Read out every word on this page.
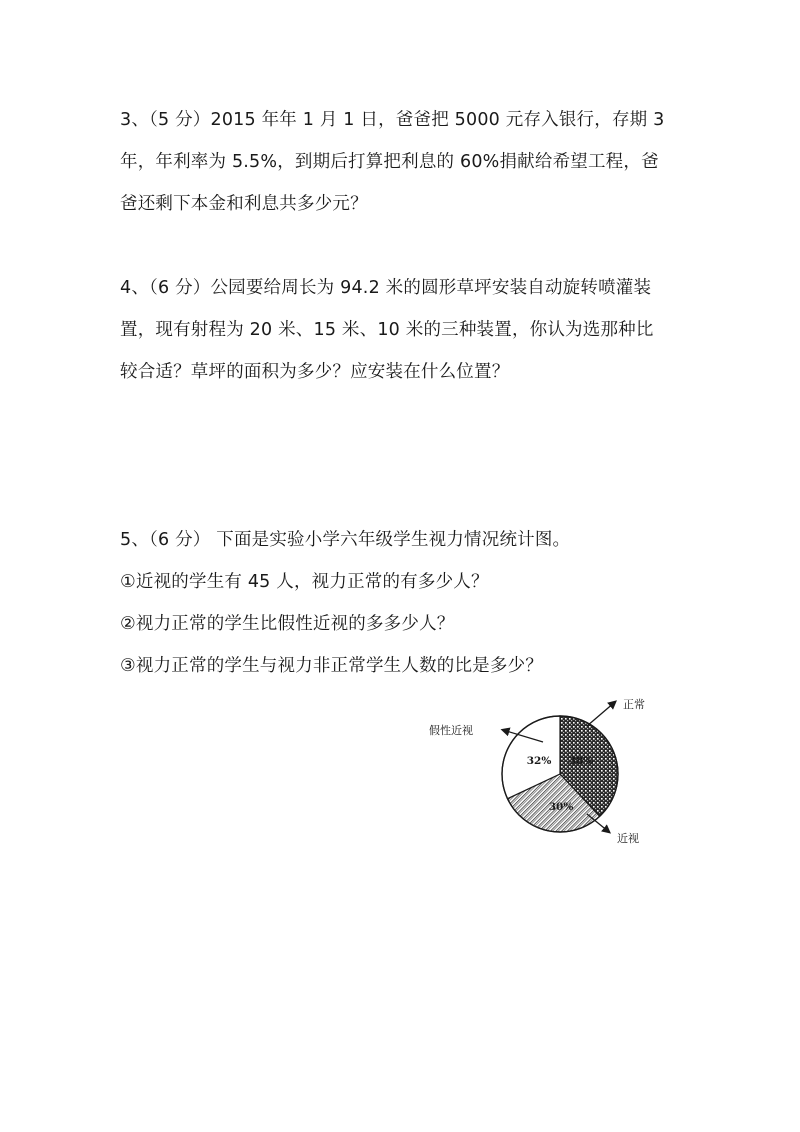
3、（5 分）2015 年年 1 月 1 日，爸爸把 5000 元存入银行，存期 3
年，年利率为 5.5%，到期后打算把利息的 60%捐献给希望工程，爸
爸还剩下本金和利息共多少元？
4、（6 分）公园要给周长为 94.2 米的圆形草坪安装自动旋转喷灌装
置，现有射程为 20 米、15 米、10 米的三种装置，你认为选那种比
较合适？草坪的面积为多少？应安装在什么位置？
5、（6 分） 下面是实验小学六年级学生视力情况统计图。
①近视的学生有 45 人，视力正常的有多少人？
②视力正常的学生比假性近视的多多少人？
③视力正常的学生与视力非正常学生人数的比是多少？
38%
30%
32%
正常
近视
假性近视
